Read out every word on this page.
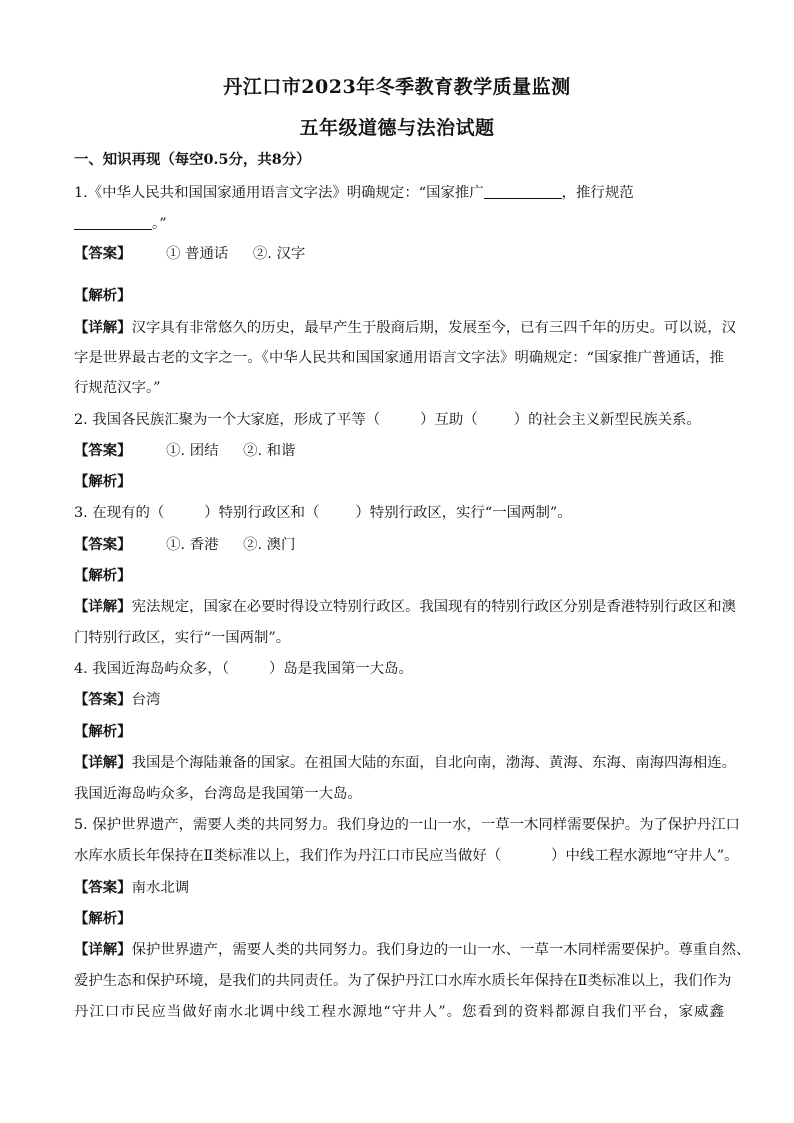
丹江口市2023年冬季教育教学质量监测
五年级道德与法治试题
一、知识再现（每空0.5分，共8分）
1.《中华人民共和国国家通用语言文字法》明确规定：“国家推广	，推行规范
。”
【答案】 ① 普通话 ②. 汉字
【解析】
【详解】汉字具有非常悠久的历史，最早产生于殷商后期，发展至今，已有三四千年的历史。可以说，汉
字是世界最古老的文字之一。《中华人民共和国国家通用语言文字法》明确规定：“国家推广普通话，推
行规范汉字。”
2. 我国各民族汇聚为一个大家庭，形成了平等（	）互助（	）的社会主义新型民族关系。
【答案】 ①. 团结 ②. 和谐
【解析】
3. 在现有的（	）特别行政区和（	）特别行政区，实行“一国两制”。
【答案】 ①. 香港 ②. 澳门
【解析】
【详解】宪法规定，国家在必要时得设立特别行政区。我国现有的特别行政区分别是香港特别行政区和澳
门特别行政区，实行“一国两制”。
4. 我国近海岛屿众多，（	）岛是我国第一大岛。
【答案】台湾
【解析】
【详解】我国是个海陆兼备的国家。在祖国大陆的东面，自北向南，渤海、黄海、东海、南海四海相连。
我国近海岛屿众多，台湾岛是我国第一大岛。
5. 保护世界遗产，需要人类的共同努力。我们身边的一山一水，一草一木同样需要保护。为了保护丹江口
水库水质长年保持在Ⅱ类标准以上，我们作为丹江口市民应当做好（	）中线工程水源地“守井人”。
【答案】南水北调
【解析】
【详解】保护世界遗产，需要人类的共同努力。我们身边的一山一水、一草一木同样需要保护。尊重自然、
爱护生态和保护环境，是我们的共同责任。为了保护丹江口水库水质长年保持在Ⅱ类标准以上，我们作为
丹江口市民应当做好南水北调中线工程水源地“守井人”。您看到的资料都源自我们平台，家威鑫
